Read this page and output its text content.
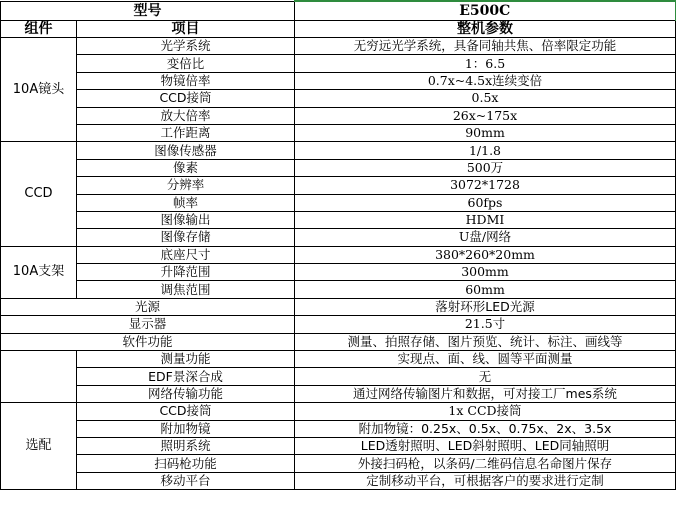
型号		E500C
组件	项目	整机参数
10A镜头	光学系统	无穷远光学系统，具备同轴共焦、倍率限定功能
	变倍比	1：6.5
	物镜倍率	0.7x~4.5x连续变倍
	CCD接筒	0.5x
	放大倍率	26x~175x
	工作距离	90mm
CCD	图像传感器	1/1.8
	像素	500万
	分辨率	3072*1728
	帧率	60fps
	图像输出	HDMI
	图像存储	U盘/网络
10A支架	底座尺寸	380*260*20mm
	升降范围	300mm
	调焦范围	60mm
光源		落射环形LED光源
显示器		21.5寸
软件功能		测量、拍照存储、图片预览、统计、标注、画线等
	测量功能	实现点、面、线、圆等平面测量
	EDF景深合成	无
	网络传输功能	通过网络传输图片和数据，可对接工厂mes系统
选配	CCD接筒	1x CCD接筒
	附加物镜	附加物镜：0.25x、0.5x、0.75x、2x、3.5x
	照明系统	LED透射照明、LED斜射照明、LED同轴照明
	扫码枪功能	外接扫码枪，以条码/二维码信息名命图片保存
	移动平台	定制移动平台，可根据客户的要求进行定制
